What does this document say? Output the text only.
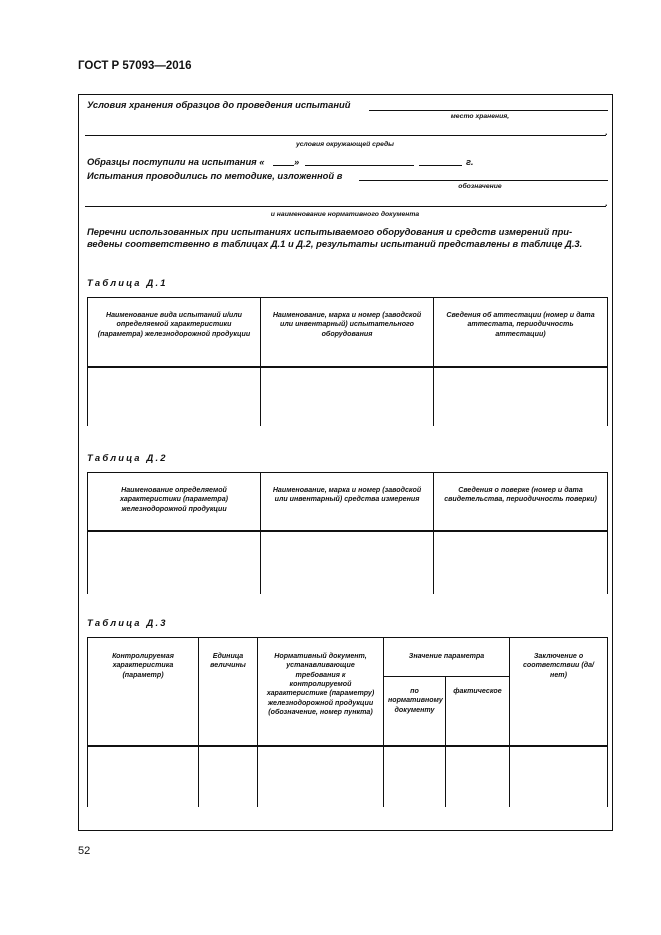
ГОСТ Р 57093—2016
Условия хранения образцов до проведения испытаний
место хранения,
.
условия окружающей среды
Образцы поступили на испытания «	»	г.
Испытания проводились по методике, изложенной в
обозначение
.
и наименование нормативного документа
Перечни использованных при испытаниях испытываемого оборудования и средств измерений при-
ведены соответственно в таблицах Д.1 и Д.2, результаты испытаний представлены в таблице Д.3.
Таблица Д.1
Наименование вида испытаний и/или определяемой характеристики (параметра) железнодорожной продукции	Наименование, марка и номер (заводской или инвентарный) испытательного оборудования	Сведения об аттестации (номер и дата аттестата, периодичность аттестации)

Таблица Д.2
Наименование определяемой характеристики (параметра) железнодорожной продукции	Наименование, марка и номер (заводской или инвентарный) средства измерения	Сведения о поверке (номер и дата свидетельства, периодичность поверки)

Таблица Д.3
Контролируемая характеристика (параметр)	Единица величины	Нормативный документ, устанавливающие требования к контролируемой характеристике (параметру) железнодорожной продукции (обозначение, номер пункта)	Значение параметра		Заключение о соответствии (да/нет)
			по нормативному документу	фактическое	

52
